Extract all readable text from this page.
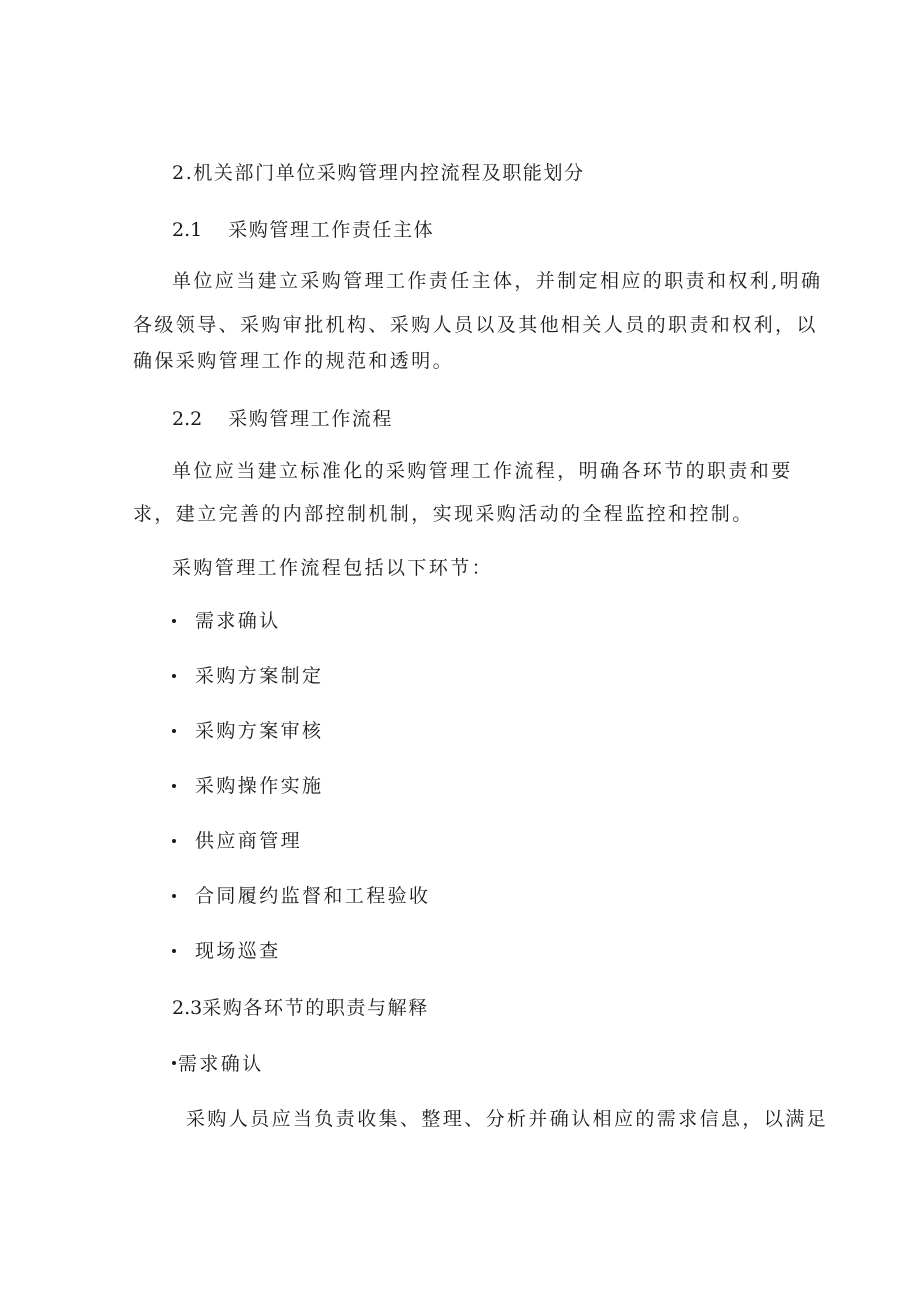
2.机关部门单位采购管理内控流程及职能划分
2.1 采购管理工作责任主体
单位应当建立采购管理工作责任主体，并制定相应的职责和权利,明确
各级领导、采购审批机构、采购人员以及其他相关人员的职责和权利，以
确保采购管理工作的规范和透明。
2.2 采购管理工作流程
单位应当建立标准化的采购管理工作流程，明确各环节的职责和要
求，建立完善的内部控制机制，实现采购活动的全程监控和控制。
采购管理工作流程包括以下环节：
需求确认
采购方案制定
采购方案审核
采购操作实施
供应商管理
合同履约监督和工程验收
现场巡查
2.3采购各环节的职责与解释
需求确认
采购人员应当负责收集、整理、分析并确认相应的需求信息，以满足
